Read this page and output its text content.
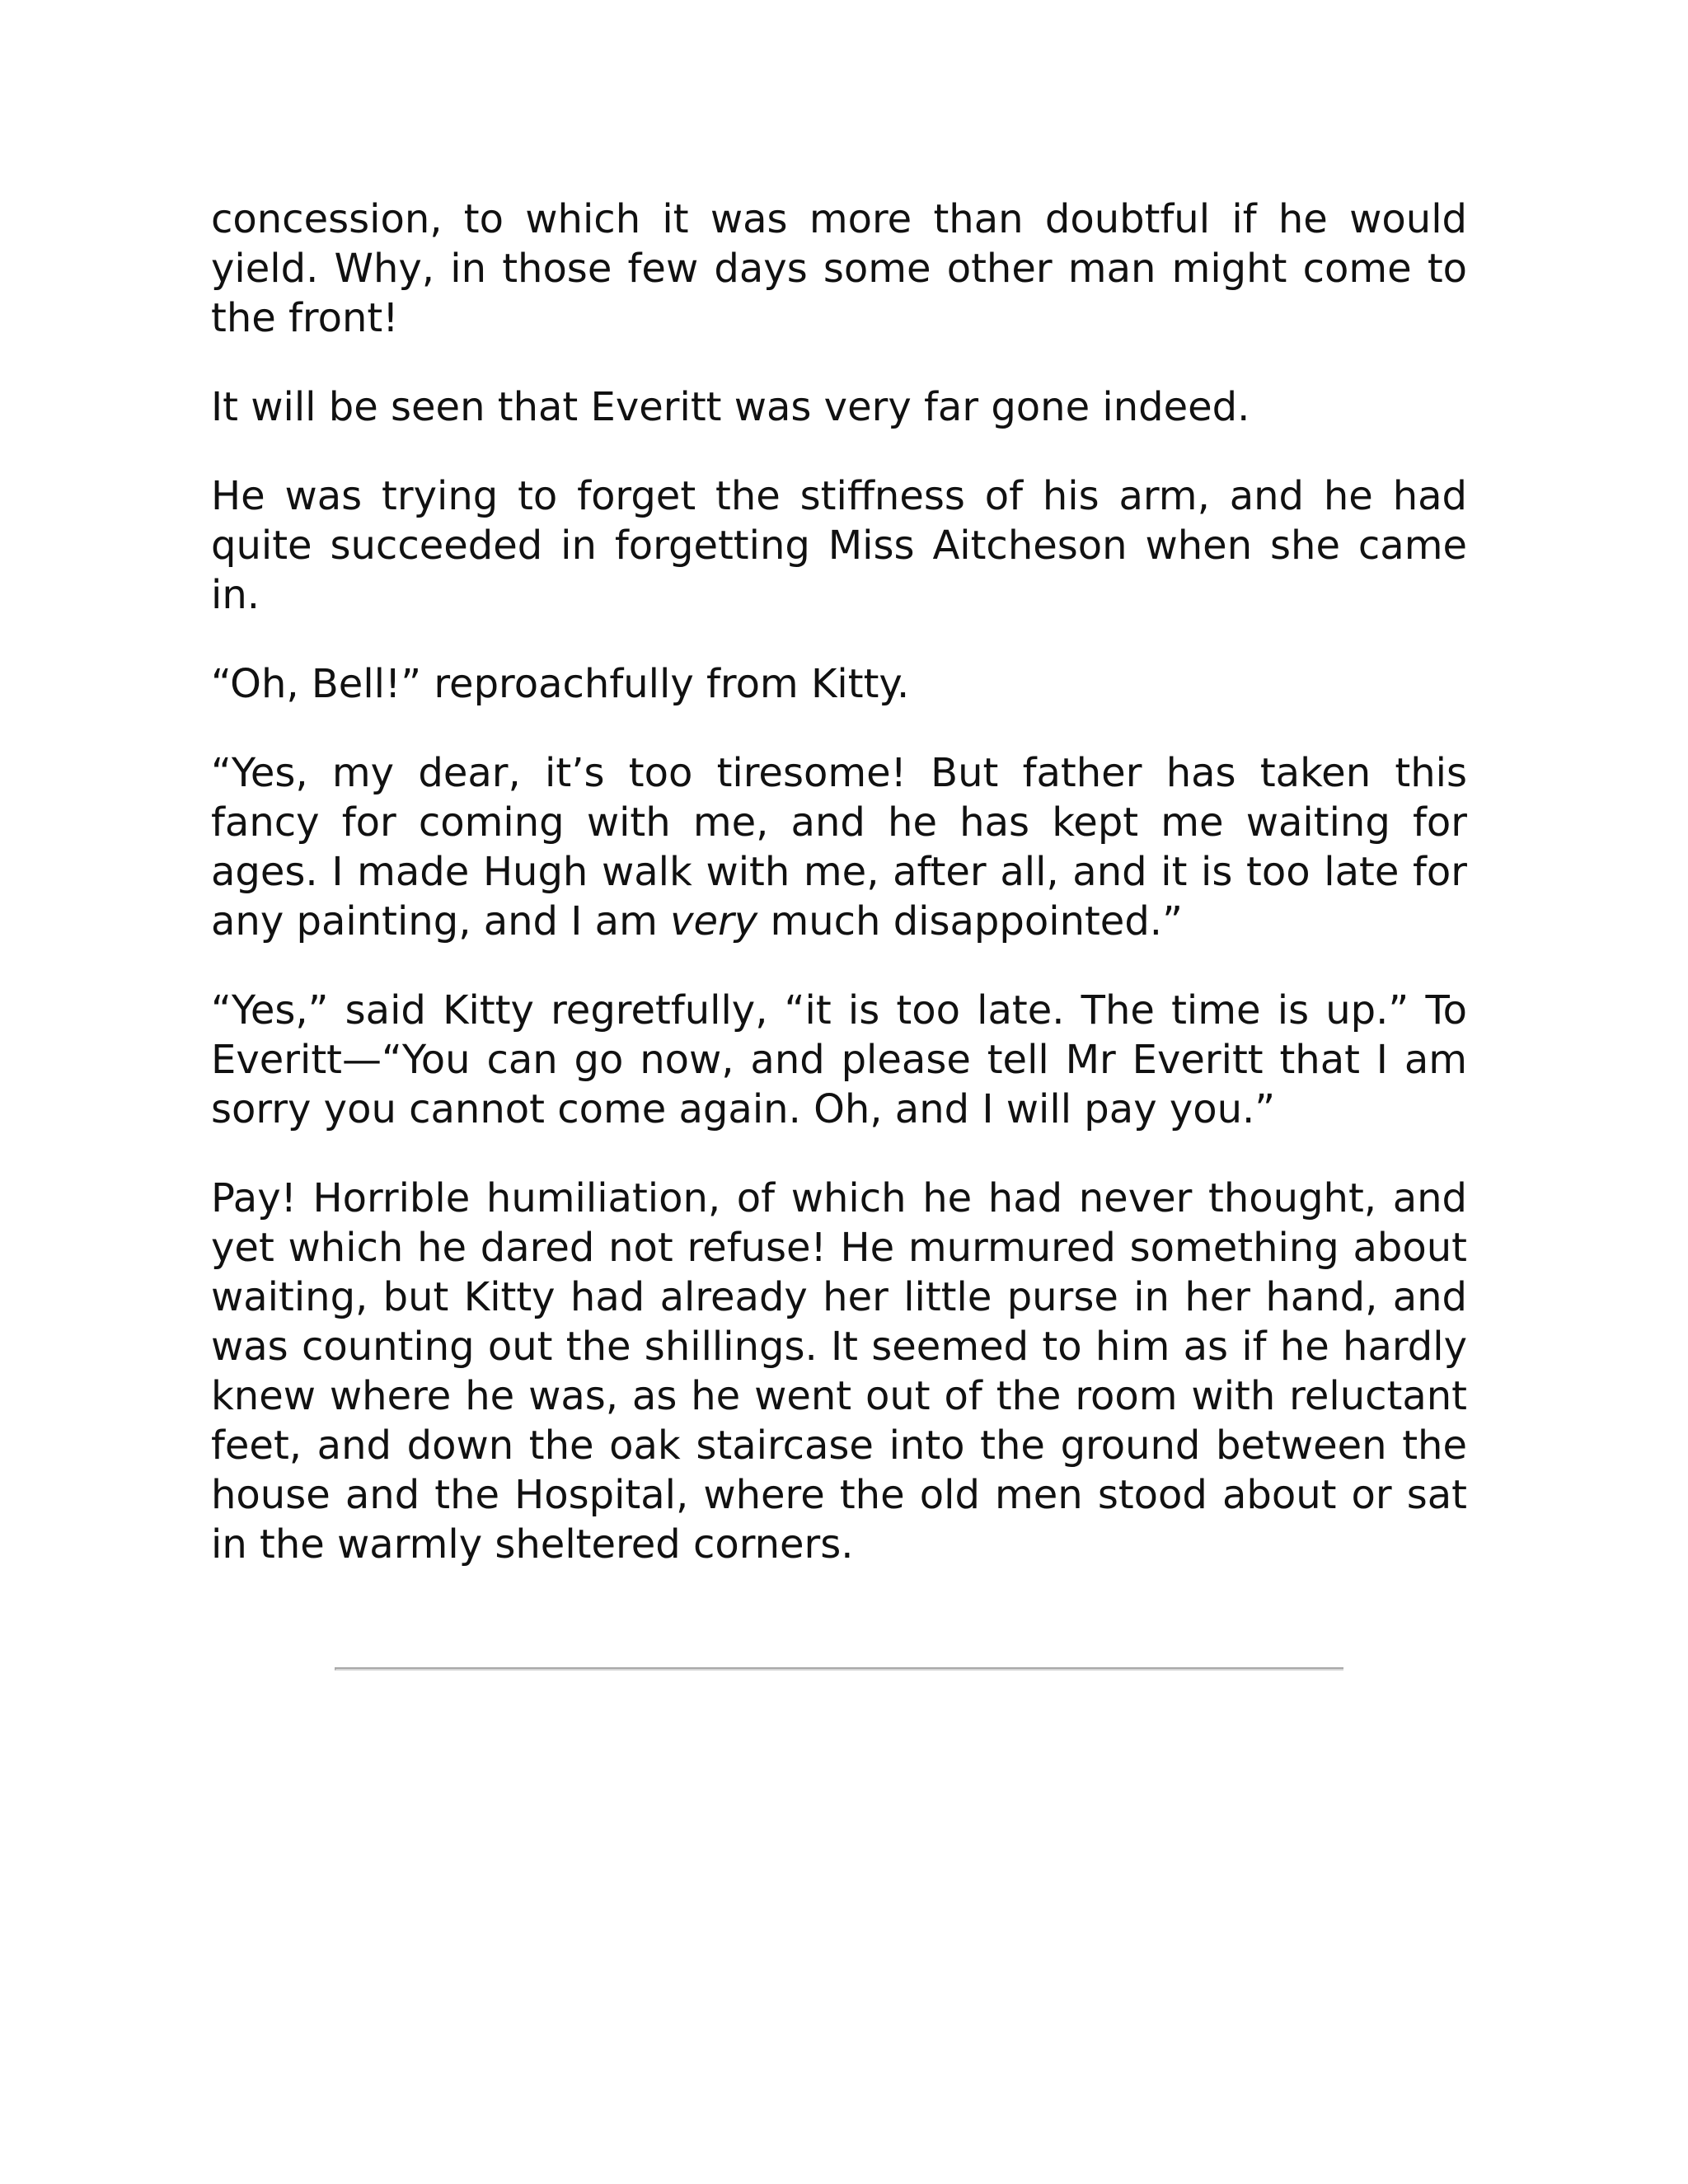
concession, to which it was more than doubtful if he would yield. Why, in those few days some other man might come to the front!

It will be seen that Everitt was very far gone indeed.

He was trying to forget the stiffness of his arm, and he had quite succeeded in forgetting Miss Aitcheson when she came in.

“Oh, Bell!” reproachfully from Kitty.

“Yes, my dear, it’s too tiresome! But father has taken this fancy for coming with me, and he has kept me waiting for ages. I made Hugh walk with me, after all, and it is too late for any painting, and I am very much disappointed.”

“Yes,” said Kitty regretfully, “it is too late. The time is up.” To Everitt—“You can go now, and please tell Mr Everitt that I am sorry you cannot come again. Oh, and I will pay you.”

Pay! Horrible humiliation, of which he had never thought, and yet which he dared not refuse! He murmured something about waiting, but Kitty had already her little purse in her hand, and was counting out the shillings. It seemed to him as if he hardly knew where he was, as he went out of the room with reluctant feet, and down the oak staircase into the ground between the house and the Hospital, where the old men stood about or sat in the warmly sheltered corners.
